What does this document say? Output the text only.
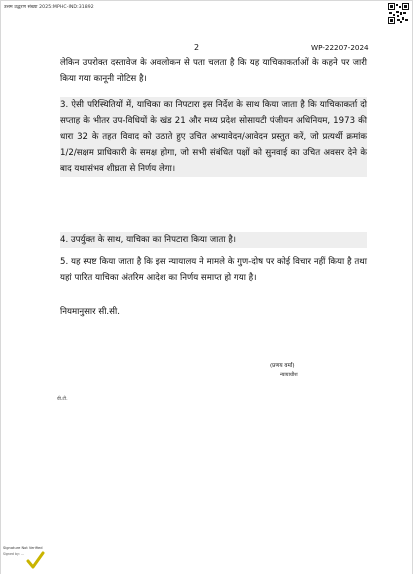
उत्तम उद्धरण संख्या 2025:MPHC-IND:31892
2	WP-22207-2024
लेकिन उपरोक्त दस्तावेज के अवलोकन से पता चलता है कि यह याचिकाकर्ताओं के कहने पर जारी किया गया कानूनी नोटिस है।
3. ऐसी परिस्थितियों में, याचिका का निपटारा इस निर्देश के साथ किया जाता है कि याचिकाकर्ता दो सप्ताह के भीतर उप-विधियों के खंड 21 और मध्य प्रदेश सोसायटी पंजीयन अधिनियम, 1973 की धारा 32 के तहत विवाद को उठाते हुए उचित अभ्यावेदन/आवेदन प्रस्तुत करें, जो प्रत्यर्थी क्रमांक 1/2/सक्षम प्राधिकारी के समक्ष होगा, जो सभी संबंधित पक्षों को सुनवाई का उचित अवसर देने के बाद यथासंभव शीघ्रता से निर्णय लेगा।
4. उपर्युक्त के साथ, याचिका का निपटारा किया जाता है।
5. यह स्पष्ट किया जाता है कि इस न्यायालय ने मामले के गुण-दोष पर कोई विचार नहीं किया है तथा यहां पारित याचिका अंतरिम आदेश का निर्णय समाप्त हो गया है।
नियमानुसार सी.सी.
(प्रणय वर्मा)
न्यायाधीश
वी.टी.
Signature Not Verified
Signed by: ...
